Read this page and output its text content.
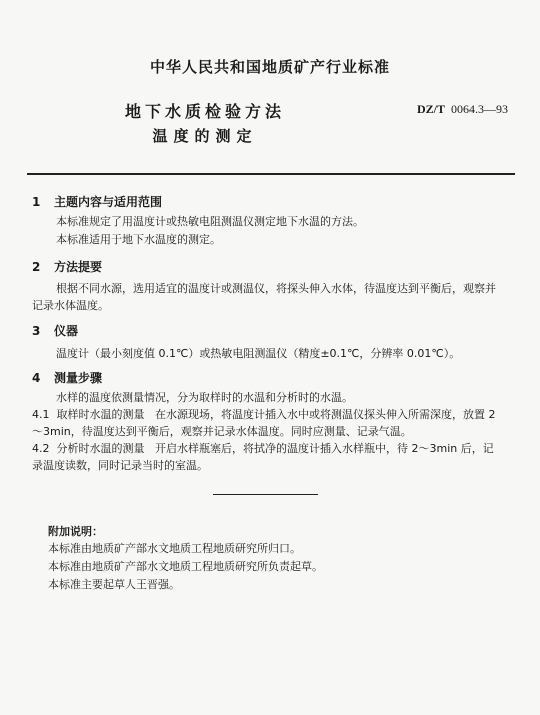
中华人民共和国地质矿产行业标准
地下水质检验方法
温度的测定
DZ/T 0064.3—93
1 主题内容与适用范围
本标准规定了用温度计或热敏电阻测温仪测定地下水温的方法。
本标准适用于地下水温度的测定。
2 方法提要
根据不同水源，选用适宜的温度计或测温仪，将探头伸入水体，待温度达到平衡后，观察并记录水体温度。
3 仪器
温度计（最小刻度值 0.1℃）或热敏电阻测温仪（精度±0.1℃，分辨率 0.01℃）。
4 测量步骤
水样的温度依测量情况，分为取样时的水温和分析时的水温。
4.1 取样时水温的测量 在水源现场，将温度计插入水中或将测温仪探头伸入所需深度，放置 2～3min，待温度达到平衡后，观察并记录水体温度。同时应测量、记录气温。
4.2 分析时水温的测量 开启水样瓶塞后，将拭净的温度计插入水样瓶中，待 2～3min 后，记录温度读数，同时记录当时的室温。
附加说明：
本标准由地质矿产部水文地质工程地质研究所归口。
本标准由地质矿产部水文地质工程地质研究所负责起草。
本标准主要起草人王晋强。
